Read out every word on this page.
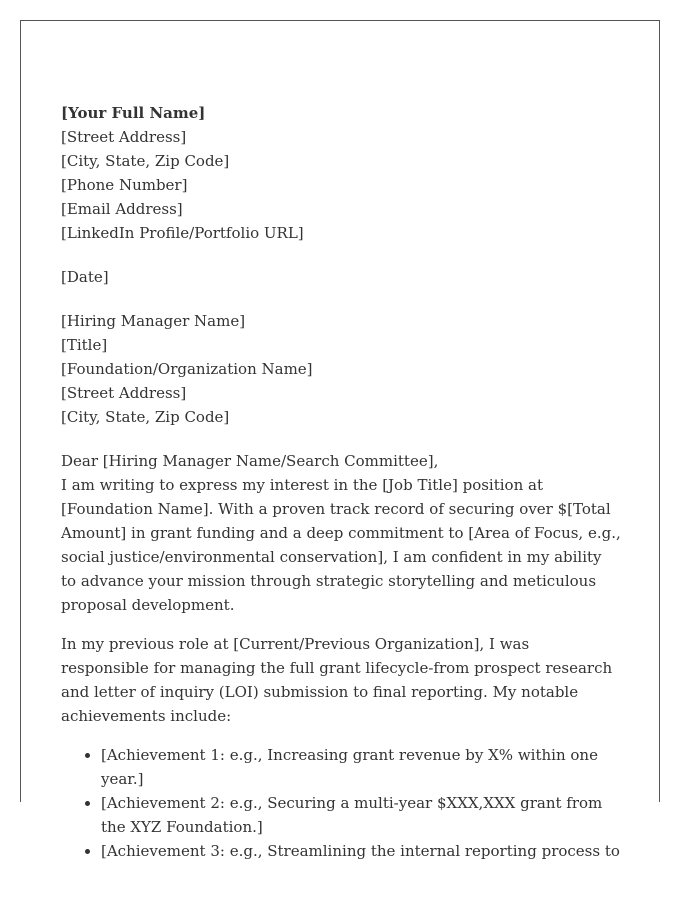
[Your Full Name]
[Street Address]
[City, State, Zip Code]
[Phone Number]
[Email Address]
[LinkedIn Profile/Portfolio URL]
[Date]
[Hiring Manager Name]
[Title]
[Foundation/Organization Name]
[Street Address]
[City, State, Zip Code]
Dear [Hiring Manager Name/Search Committee],

I am writing to express my interest in the [Job Title] position at [Foundation Name]. With a proven track record of securing over $[Total Amount] in grant funding and a deep commitment to [Area of Focus, e.g., social justice/environmental conservation], I am confident in my ability to advance your mission through strategic storytelling and meticulous proposal development.

In my previous role at [Current/Previous Organization], I was responsible for managing the full grant lifecycle-from prospect research and letter of inquiry (LOI) submission to final reporting. My notable achievements include:

• [Achievement 1: e.g., Increasing grant revenue by X% within one year.]
• [Achievement 2: e.g., Securing a multi-year $XXX,XXX grant from the XYZ Foundation.]
• [Achievement 3: e.g., Streamlining the internal reporting process to
